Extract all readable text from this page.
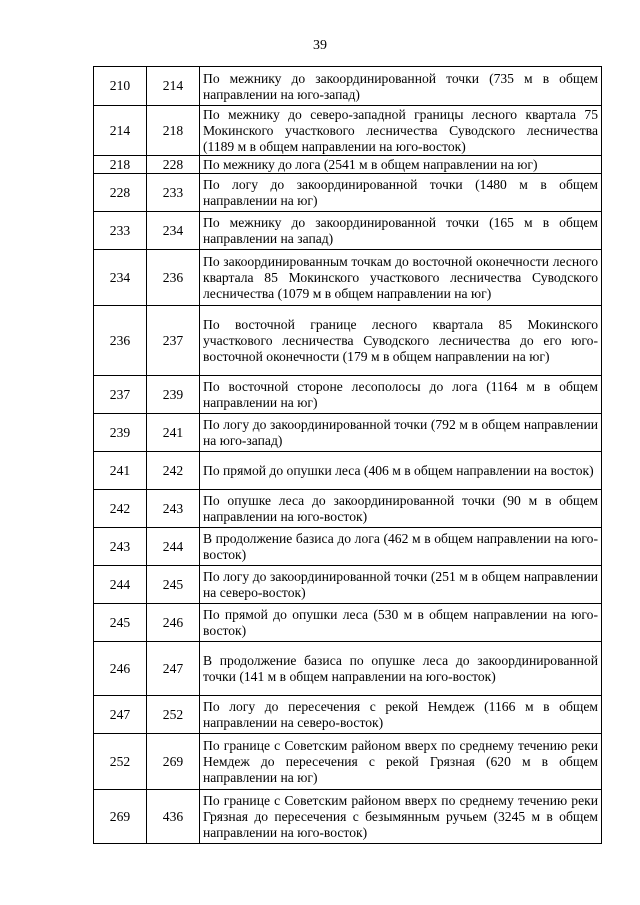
39
210	214	По межнику до закоординированной точки (735 м в общем направлении на юго-запад)
214	218	По межнику до северо-западной границы лесного квартала 75 Мокинского участкового лесничества Суводского лесничества (1189 м в общем направлении на юго-восток)
218	228	По межнику до лога (2541 м в общем направлении на юг)
228	233	По логу до закоординированной точки (1480 м в общем направлении на юг)
233	234	По межнику до закоординированной точки (165 м в общем направлении на запад)
234	236	По закоординированным точкам до восточной оконечности лесного квартала 85 Мокинского участкового лесничества Суводского лесничества (1079 м в общем направлении на юг)
236	237	По восточной границе лесного квартала 85 Мокинского участкового лесничества Суводского лесничества до его юго-восточной оконечности (179 м в общем направлении на юг)
237	239	По восточной стороне лесополосы до лога (1164 м в общем направлении на юг)
239	241	По логу до закоординированной точки (792 м в общем направлении на юго-запад)
241	242	По прямой до опушки леса (406 м в общем направлении на восток)
242	243	По опушке леса до закоординированной точки (90 м в общем направлении на юго-восток)
243	244	В продолжение базиса до лога (462 м в общем направлении на юго-восток)
244	245	По логу до закоординированной точки (251 м в общем направлении на северо-восток)
245	246	По прямой до опушки леса (530 м в общем направлении на юго-восток)
246	247	В продолжение базиса по опушке леса до закоординированной точки (141 м в общем направлении на юго-восток)
247	252	По логу до пересечения с рекой Немдеж (1166 м в общем направлении на северо-восток)
252	269	По границе с Советским районом вверх по среднему течению реки Немдеж до пересечения с рекой Грязная (620 м в общем направлении на юг)
269	436	По границе с Советским районом вверх по среднему течению реки Грязная до пересечения с безымянным ручьем (3245 м в общем направлении на юго-восток)
